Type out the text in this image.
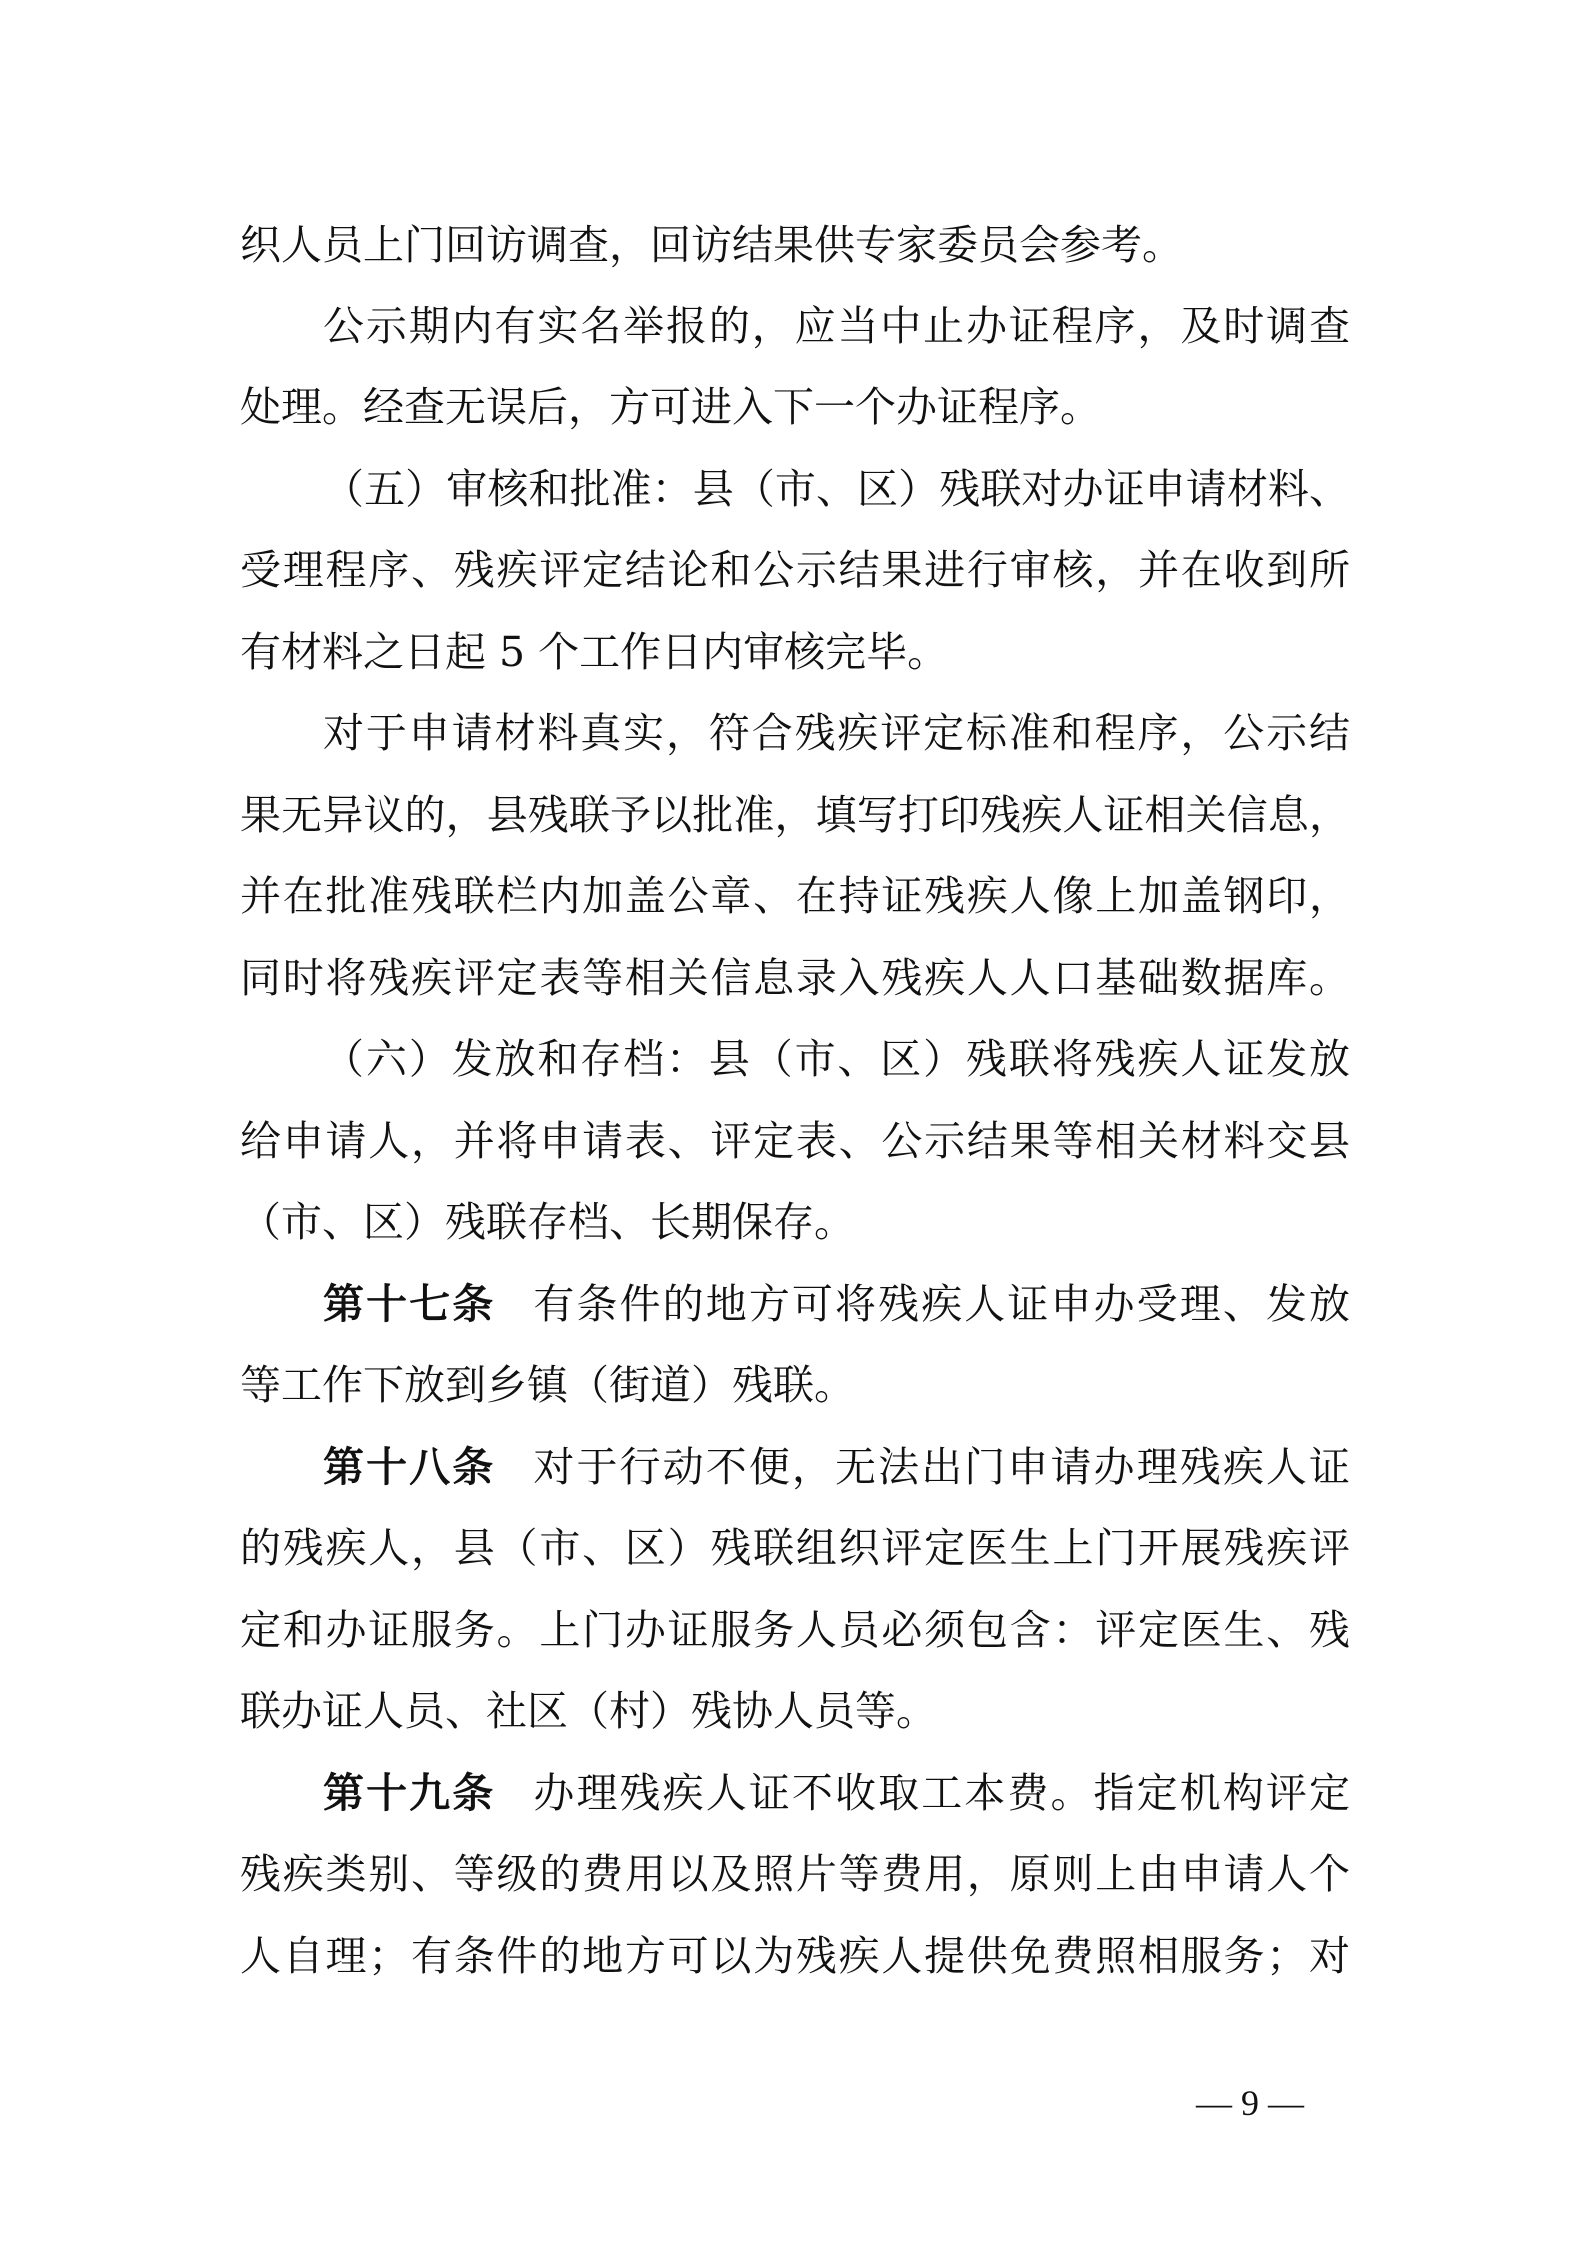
织人员上门回访调查，回访结果供专家委员会参考。
公示期内有实名举报的，应当中止办证程序，及时调查
处理。经查无误后，方可进入下一个办证程序。
（五）审核和批准：县（市、区）残联对办证申请材料、
受理程序、残疾评定结论和公示结果进行审核，并在收到所
有材料之日起 5 个工作日内审核完毕。
对于申请材料真实，符合残疾评定标准和程序，公示结
果无异议的，县残联予以批准，填写打印残疾人证相关信息，
并在批准残联栏内加盖公章、在持证残疾人像上加盖钢印，
同时将残疾评定表等相关信息录入残疾人人口基础数据库。
（六）发放和存档：县（市、区）残联将残疾人证发放
给申请人，并将申请表、评定表、公示结果等相关材料交县
（市、区）残联存档、长期保存。
第十七条 有条件的地方可将残疾人证申办受理、发放
等工作下放到乡镇（街道）残联。
第十八条 对于行动不便，无法出门申请办理残疾人证
的残疾人，县（市、区）残联组织评定医生上门开展残疾评
定和办证服务。上门办证服务人员必须包含：评定医生、残
联办证人员、社区（村）残协人员等。
第十九条 办理残疾人证不收取工本费。指定机构评定
残疾类别、等级的费用以及照片等费用，原则上由申请人个
人自理；有条件的地方可以为残疾人提供免费照相服务；对
— 9 —
